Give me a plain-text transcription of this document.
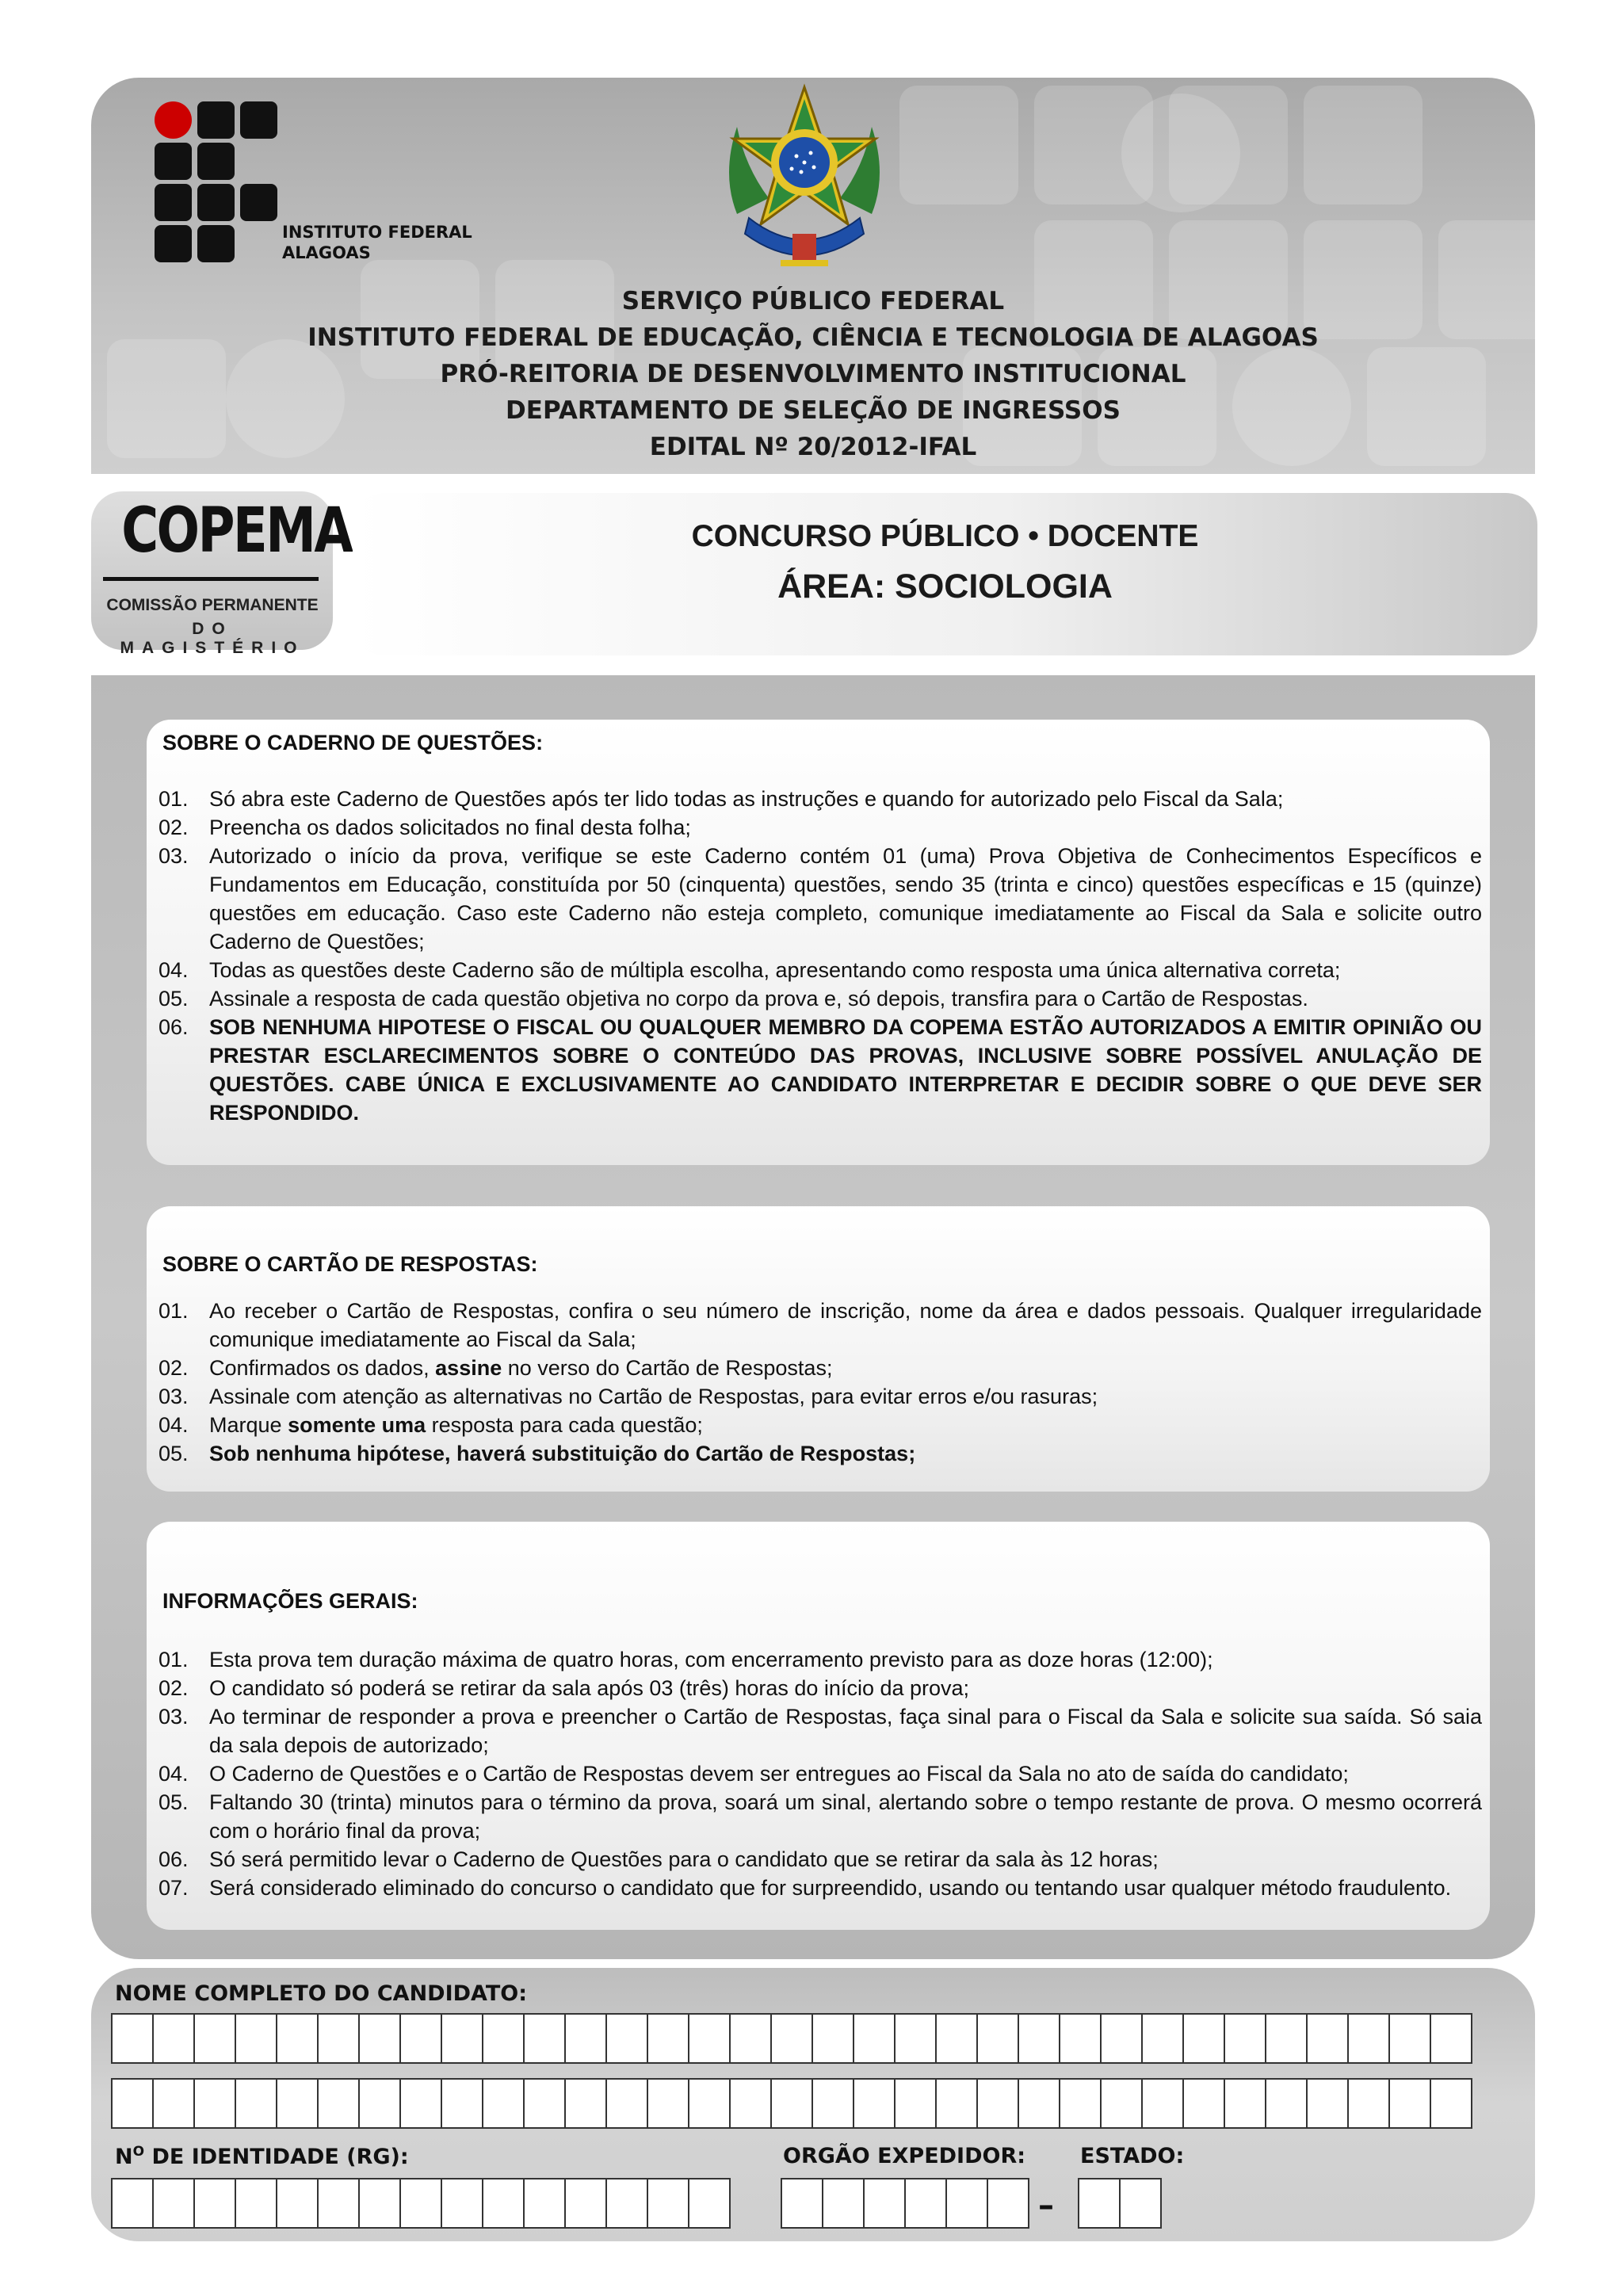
INSTITUTO FEDERAL
ALAGOAS
SERVIÇO PÚBLICO FEDERAL
INSTITUTO FEDERAL DE EDUCAÇÃO, CIÊNCIA E TECNOLOGIA DE ALAGOAS
PRÓ-REITORIA DE DESENVOLVIMENTO INSTITUCIONAL
DEPARTAMENTO DE SELEÇÃO DE INGRESSOS
EDITAL Nº 20/2012-IFAL
COPEMA
COMISSÃO PERMANENTE
DO MAGISTÉRIO
CONCURSO PÚBLICO • DOCENTE
ÁREA: SOCIOLOGIA
SOBRE O CADERNO DE QUESTÕES:
01. Só abra este Caderno de Questões após ter lido todas as instruções e quando for autorizado pelo Fiscal da Sala;
02. Preencha os dados solicitados no final desta folha;
03. Autorizado o início da prova, verifique se este Caderno contém 01 (uma) Prova Objetiva de Conhecimentos Específicos e Fundamentos em Educação, constituída por 50 (cinquenta) questões, sendo 35 (trinta e cinco) questões específicas e 15 (quinze) questões em educação. Caso este Caderno não esteja completo, comunique imediatamente ao Fiscal da Sala e solicite outro Caderno de Questões;
04. Todas as questões deste Caderno são de múltipla escolha, apresentando como resposta uma única alternativa correta;
05. Assinale a resposta de cada questão objetiva no corpo da prova e, só depois, transfira para o Cartão de Respostas.
06. SOB NENHUMA HIPOTESE O FISCAL OU QUALQUER MEMBRO DA COPEMA ESTÃO AUTORIZADOS A EMITIR OPINIÃO OU PRESTAR ESCLARECIMENTOS SOBRE O CONTEÚDO DAS PROVAS, INCLUSIVE SOBRE POSSÍVEL ANULAÇÃO DE QUESTÕES. CABE ÚNICA E EXCLUSIVAMENTE AO CANDIDATO INTERPRETAR E DECIDIR SOBRE O QUE DEVE SER RESPONDIDO.
SOBRE O CARTÃO DE RESPOSTAS:
01. Ao receber o Cartão de Respostas, confira o seu número de inscrição, nome da área e dados pessoais. Qualquer irregularidade comunique imediatamente ao Fiscal da Sala;
02. Confirmados os dados, assine no verso do Cartão de Respostas;
03. Assinale com atenção as alternativas no Cartão de Respostas, para evitar erros e/ou rasuras;
04. Marque somente uma resposta para cada questão;
05. Sob nenhuma hipótese, haverá substituição do Cartão de Respostas;
INFORMAÇÕES GERAIS:
01. Esta prova tem duração máxima de quatro horas, com encerramento previsto para as doze horas (12:00);
02. O candidato só poderá se retirar da sala após 03 (três) horas do início da prova;
03. Ao terminar de responder a prova e preencher o Cartão de Respostas, faça sinal para o Fiscal da Sala e solicite sua saída. Só saia da sala depois de autorizado;
04. O Caderno de Questões e o Cartão de Respostas devem ser entregues ao Fiscal da Sala no ato de saída do candidato;
05. Faltando 30 (trinta) minutos para o término da prova, soará um sinal, alertando sobre o tempo restante de prova. O mesmo ocorrerá com o horário final da prova;
06. Só será permitido levar o Caderno de Questões para o candidato que se retirar da sala às 12 horas;
07. Será considerado eliminado do concurso o candidato que for surpreendido, usando ou tentando usar qualquer método fraudulento.
NOME COMPLETO DO CANDIDATO:
$N^O$ DE IDENTIDADE (RG):	ORGÃO EXPEDIDOR:	ESTADO:
–
